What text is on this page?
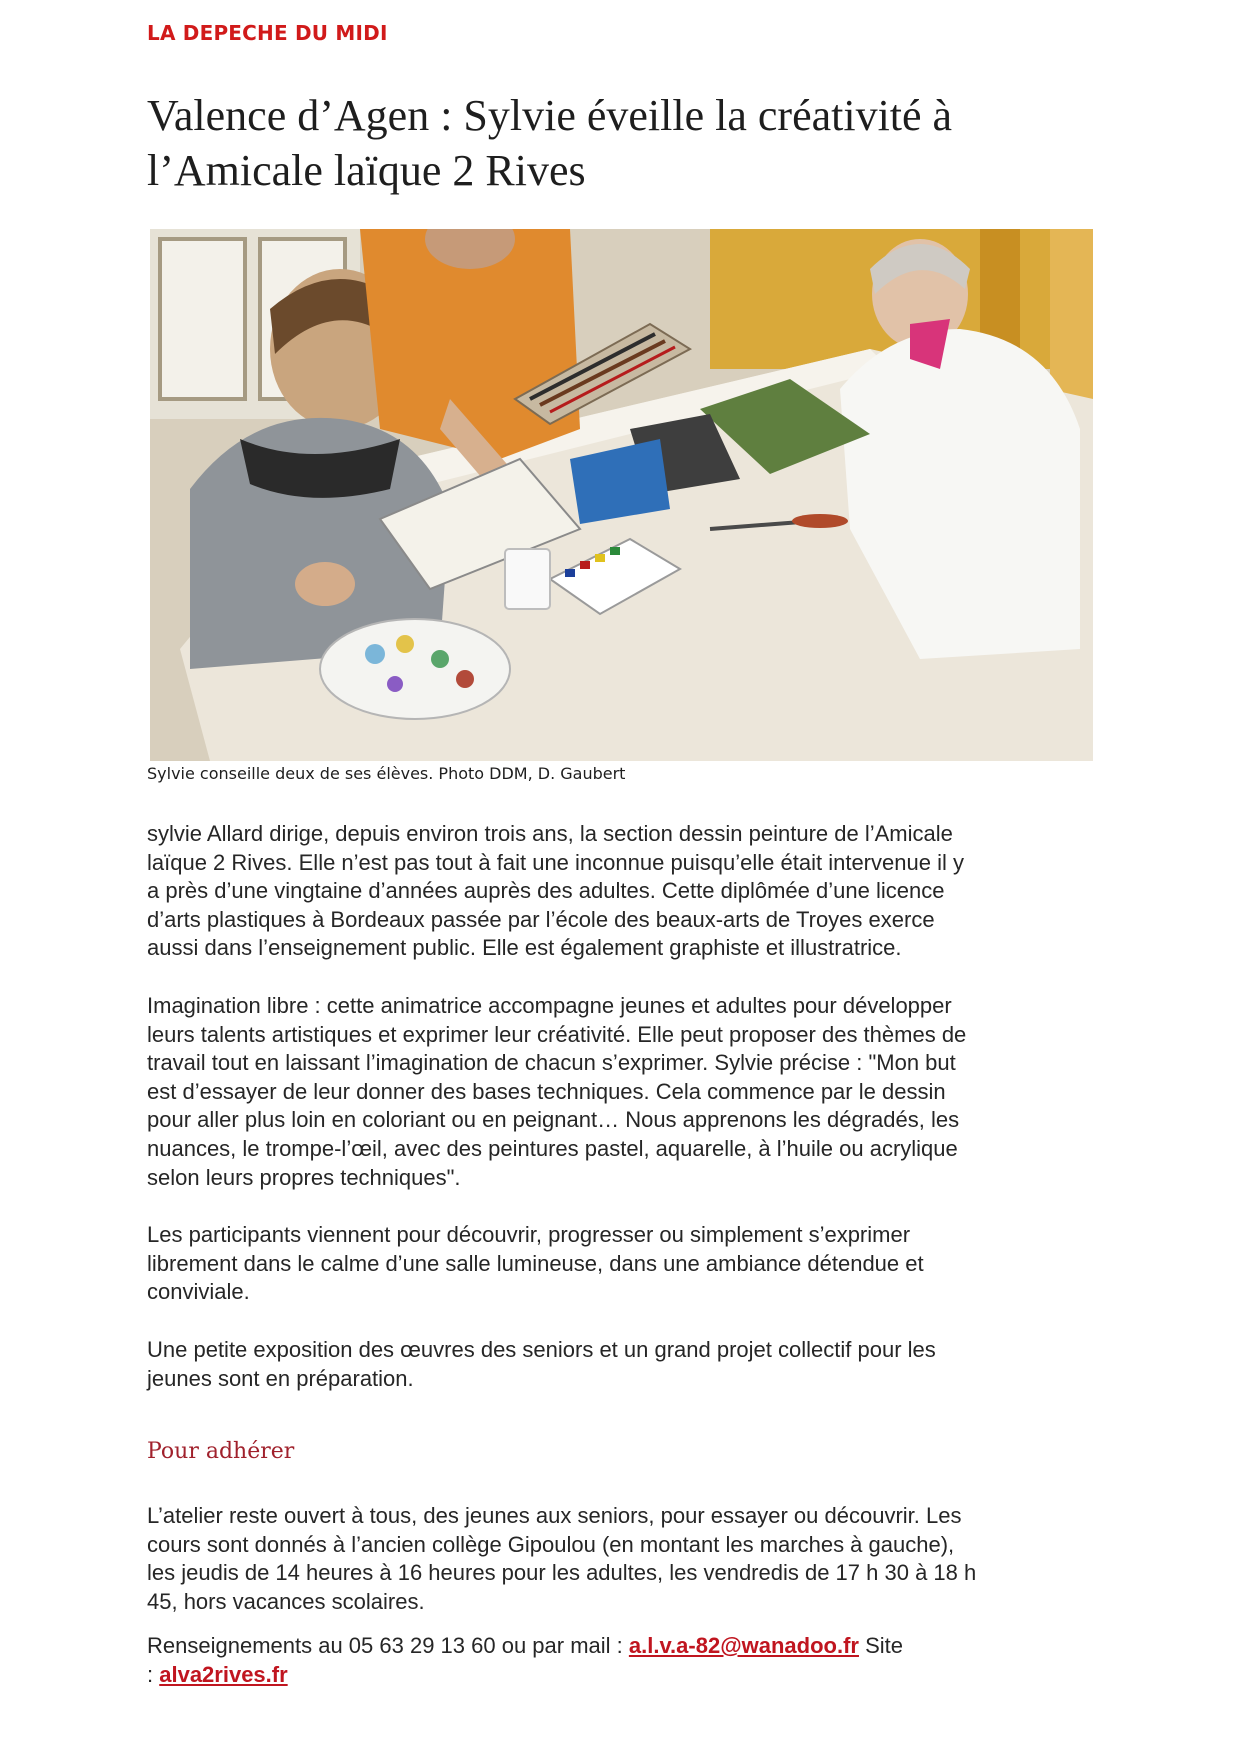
LA DEPECHE DU MIDI
Valence d’Agen : Sylvie éveille la créativité à
l’Amicale laïque 2 Rives
Sylvie conseille deux de ses élèves. Photo DDM, D. Gaubert
sylvie Allard dirige, depuis environ trois ans, la section dessin peinture de l’Amicale
laïque 2 Rives. Elle n’est pas tout à fait une inconnue puisqu’elle était intervenue il y
a près d’une vingtaine d’années auprès des adultes. Cette diplômée d’une licence
d’arts plastiques à Bordeaux passée par l’école des beaux-arts de Troyes exerce
aussi dans l’enseignement public. Elle est également graphiste et illustratrice.
Imagination libre : cette animatrice accompagne jeunes et adultes pour développer
leurs talents artistiques et exprimer leur créativité. Elle peut proposer des thèmes de
travail tout en laissant l’imagination de chacun s’exprimer. Sylvie précise : "Mon but
est d’essayer de leur donner des bases techniques. Cela commence par le dessin
pour aller plus loin en coloriant ou en peignant… Nous apprenons les dégradés, les
nuances, le trompe-l’œil, avec des peintures pastel, aquarelle, à l’huile ou acrylique
selon leurs propres techniques".
Les participants viennent pour découvrir, progresser ou simplement s’exprimer
librement dans le calme d’une salle lumineuse, dans une ambiance détendue et
conviviale.
Une petite exposition des œuvres des seniors et un grand projet collectif pour les
jeunes sont en préparation.
Pour adhérer
L’atelier reste ouvert à tous, des jeunes aux seniors, pour essayer ou découvrir. Les
cours sont donnés à l’ancien collège Gipoulou (en montant les marches à gauche),
les jeudis de 14 heures à 16 heures pour les adultes, les vendredis de 17 h 30 à 18 h
45, hors vacances scolaires.
Renseignements au 05 63 29 13 60 ou par mail : a.l.v.a-82@wanadoo.fr Site
: alva2rives.fr
